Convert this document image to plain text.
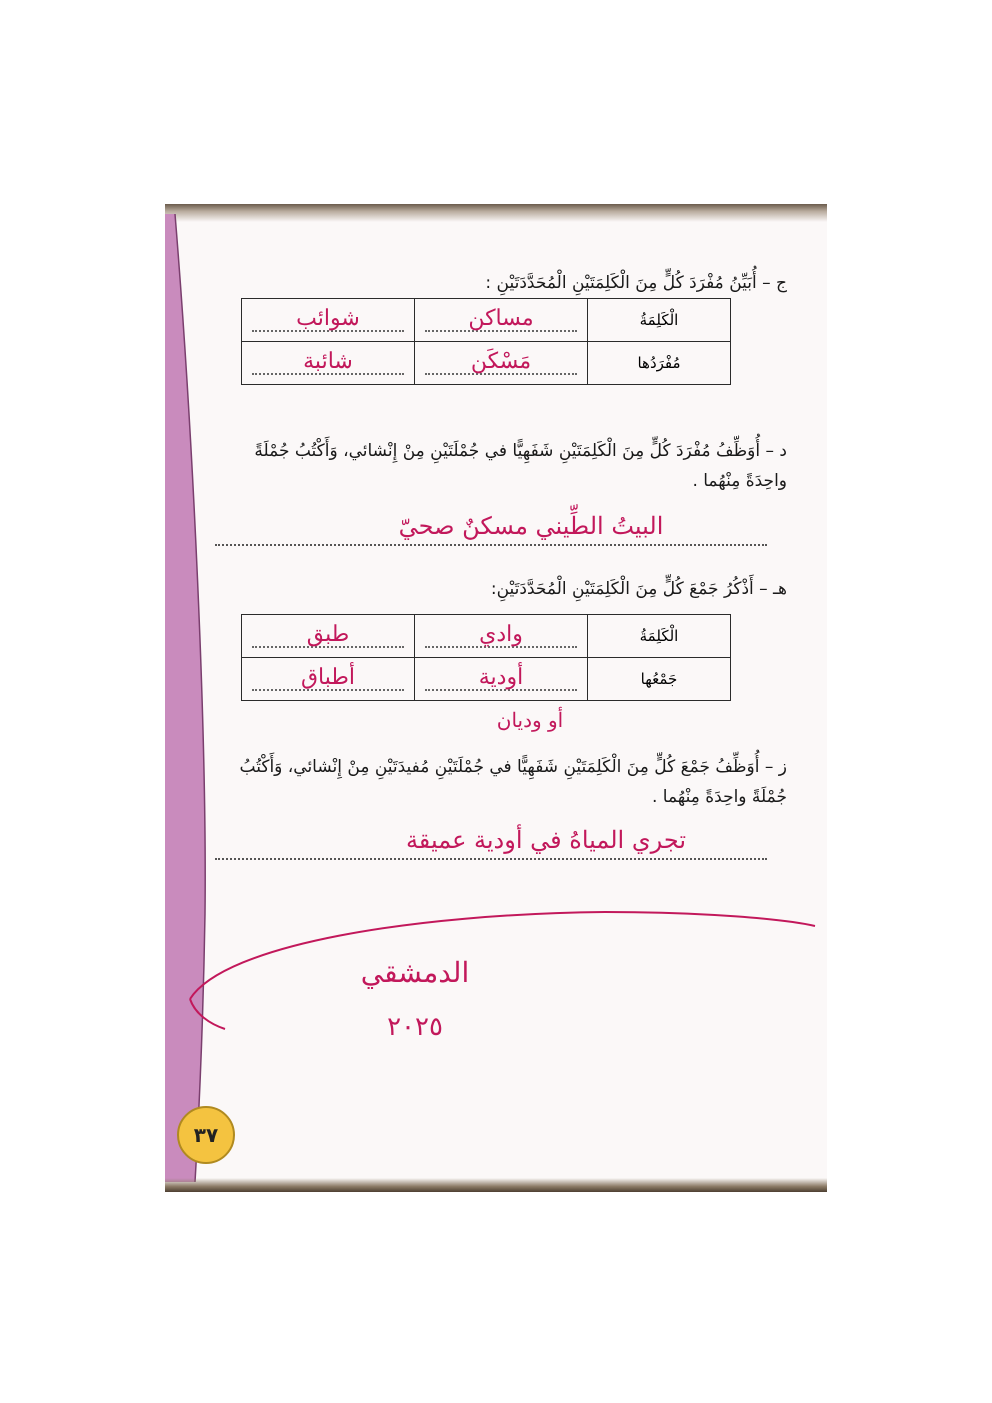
ج – أُبَيِّنُ مُفْرَدَ كُلٍّ مِنَ الْكَلِمَتَيْنِ الْمُحَدَّدَتَيْنِ :
الْكَلِمَةُ	مساكن	شوائب

مُفْرَدُها	مَسْكَن	شائبة
د – أُوَظِّفُ مُفْرَدَ كُلٍّ مِنَ الْكَلِمَتَيْنِ شَفَهِيًّا في جُمْلَتَيْنِ مِنْ إِنْشائي، وَأَكْتُبُ جُمْلَةً واحِدَةً مِنْهُما .
البيتُ الطِّيني مسكنٌ صحيّ
هـ – أَذْكُرُ جَمْعَ كُلٍّ مِنَ الْكَلِمَتَيْنِ الْمُحَدَّدَتَيْنِ:
الْكَلِمَةُ	وادي	طبق

جَمْعُها	أودية	أطباق
أو وديان
ز – أُوَظِّفُ جَمْعَ كُلٍّ مِنَ الْكَلِمَتَيْنِ شَفَهِيًّا في جُمْلَتَيْنِ مُفيدَتَيْنِ مِنْ إِنْشائي، وَأَكْتُبُ جُمْلَةً واحِدَةً مِنْهُما .
تجري المياهُ في أودية عميقة
الدمشقي
٢٠٢٥
٣٧
